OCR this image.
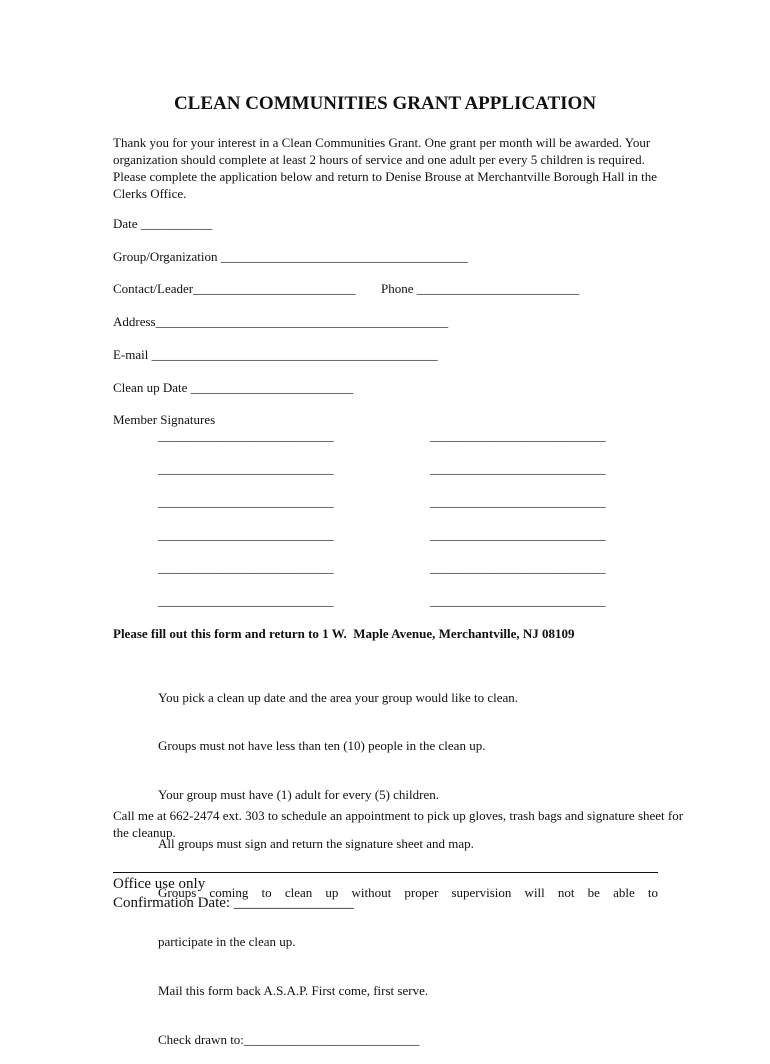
CLEAN COMMUNITIES GRANT APPLICATION
Thank you for your interest in a Clean Communities Grant. One grant per month will be awarded. Your organization should complete at least 2 hours of service and one adult per every 5 children is required. Please complete the application below and return to Denise Brouse at Merchantville Borough Hall in the Clerks Office.
Date ___________
Group/Organization ______________________________________
Contact/Leader_________________________ Phone _________________________
Address_____________________________________________
E-mail ____________________________________________
Clean up Date _________________________
Member Signatures
___________________________
___________________________
___________________________
___________________________
___________________________
___________________________
___________________________
___________________________
___________________________
___________________________
___________________________
___________________________
Please fill out this form and return to 1 W.  Maple Avenue, Merchantville, NJ 08109

You pick a clean up date and the area your group would like to clean.

Groups must not have less than ten (10) people in the clean up.

Your group must have (1) adult for every (5) children.

All groups must sign and return the signature sheet and map.

Groups coming to clean up without proper supervision will not be able to

participate in the clean up.

Mail this form back A.S.A.P. First come, first serve.

Check drawn to:___________________________

Call me at 662-2474 ext. 303 to schedule an appointment to pick up gloves, trash bags and signature sheet for the cleanup.
Office use only
Confirmation Date: ________________
